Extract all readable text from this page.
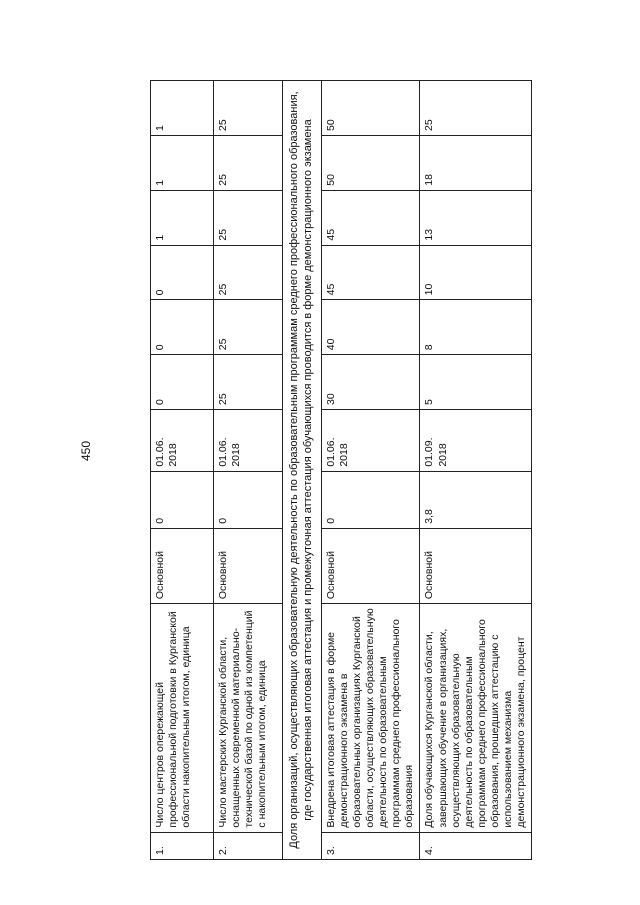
450
1.	Число центров опережающей профессиональной подготовки в Курганской области накопительным итогом, единица	Основной	0	01.06. 2018	0	0	0	1	1	1
2.	Число мастерских Курганской области, оснащенных современной материально-технической базой по одной из компетенций с накопительным итогом, единица	Основной	0	01.06. 2018	25	25	25	25	25	25
Доля организаций, осуществляющих образовательную деятельность по образовательным программам среднего профессионального образования, где государственная итоговая аттестация и промежуточная аттестация обучающихся проводится в форме демонстрационного экзамена										
3.	Внедрена итоговая аттестация в форме демонстрационного экзамена в образовательных организациях Курганской области, осуществляющих образовательную деятельность по образовательным программам среднего профессионального образования	Основной	0	01.06. 2018	30	40	45	45	50	50
4.	Доля обучающихся Курганской области, завершающих обучение в организациях, осуществляющих образовательную деятельность по образовательным программам среднего профессионального образования, прошедших аттестацию с использованием механизма демонстрационного экзамена, процент	Основной	3,8	01.09. 2018	5	8	10	13	18	25
